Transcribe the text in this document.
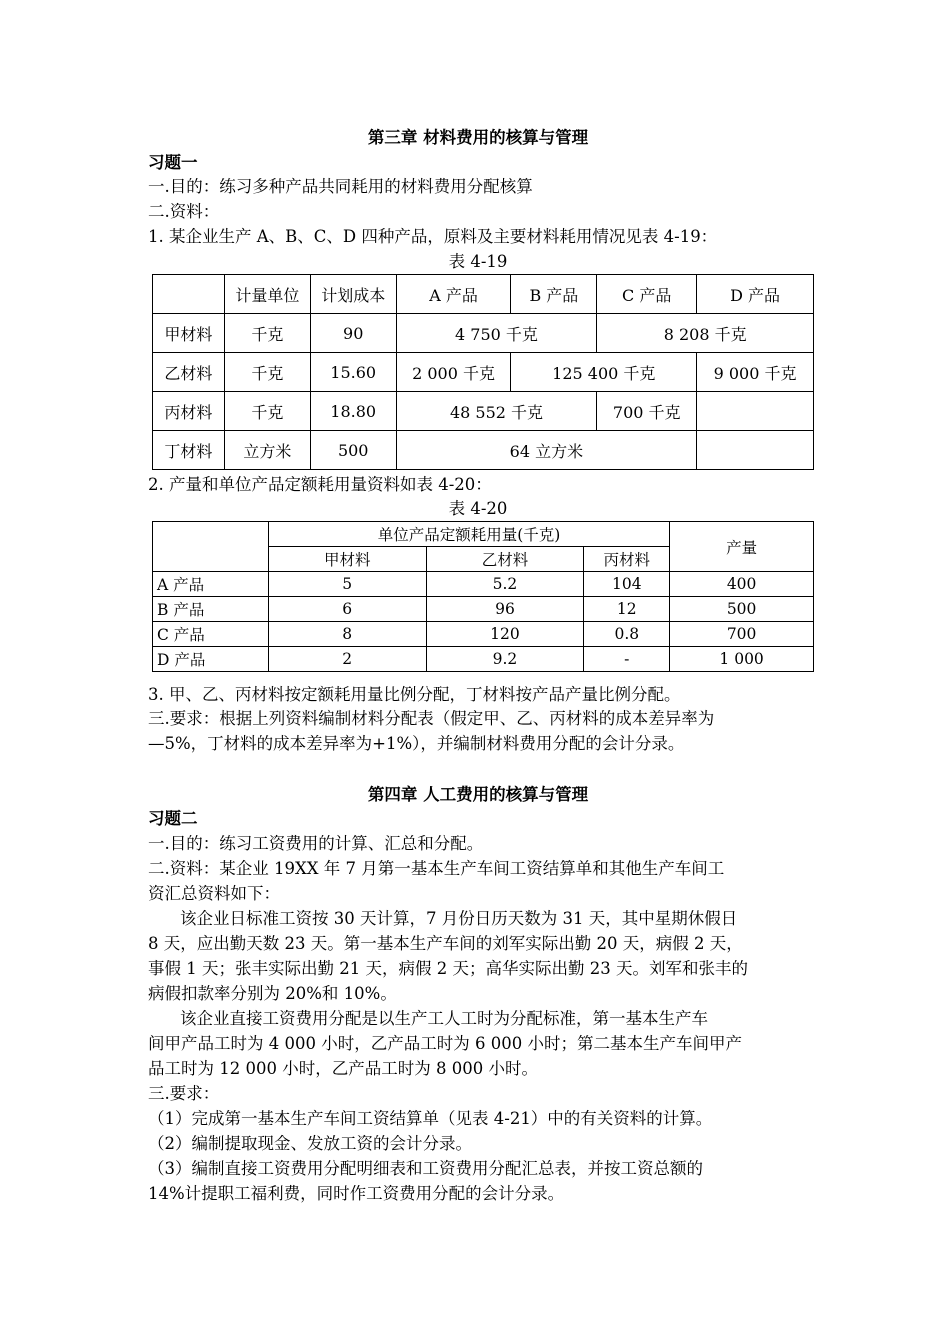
第三章 材料费用的核算与管理
习题一
一.目的：练习多种产品共同耗用的材料费用分配核算
二.资料：
1. 某企业生产 A、B、C、D 四种产品，原料及主要材料耗用情况见表 4-19：
表 4-19
	计量单位	计划成本	A 产品	B 产品	C 产品	D 产品
甲材料	千克	90	4 750 千克		8 208 千克	
乙材料	千克	15.60	2 000 千克	125 400 千克		9 000 千克
丙材料	千克	18.80	48 552 千克		700 千克	
丁材料	立方米	500	64 立方米			
2. 产量和单位产品定额耗用量资料如表 4-20：
表 4-20
	单位产品定额耗用量(千克)			产量
	甲材料	乙材料	丙材料	
A 产品	5	5.2	104	400
B 产品	6	96	12	500
C 产品	8	120	0.8	700
D 产品	2	9.2	-	1 000
3. 甲、乙、丙材料按定额耗用量比例分配，丁材料按产品产量比例分配。
三.要求：根据上列资料编制材料分配表（假定甲、乙、丙材料的成本差异率为
—5%，丁材料的成本差异率为+1%），并编制材料费用分配的会计分录。
第四章 人工费用的核算与管理
习题二
一.目的：练习工资费用的计算、汇总和分配。
二.资料：某企业 19XX 年 7 月第一基本生产车间工资结算单和其他生产车间工
资汇总资料如下：
该企业日标准工资按 30 天计算，7 月份日历天数为 31 天，其中星期休假日
8 天，应出勤天数 23 天。第一基本生产车间的刘军实际出勤 20 天，病假 2 天，
事假 1 天；张丰实际出勤 21 天，病假 2 天；高华实际出勤 23 天。刘军和张丰的
病假扣款率分别为 20%和 10%。
该企业直接工资费用分配是以生产工人工时为分配标准，第一基本生产车
间甲产品工时为 4 000 小时，乙产品工时为 6 000 小时；第二基本生产车间甲产
品工时为 12 000 小时，乙产品工时为 8 000 小时。
三.要求：
（1）完成第一基本生产车间工资结算单（见表 4-21）中的有关资料的计算。
（2）编制提取现金、发放工资的会计分录。
（3）编制直接工资费用分配明细表和工资费用分配汇总表，并按工资总额的
14%计提职工福利费，同时作工资费用分配的会计分录。
